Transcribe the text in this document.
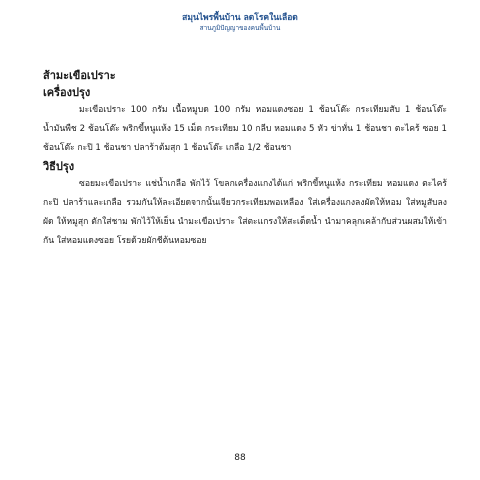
สมุนไพรพื้นบ้าน ลดโรคในเลือด
สานภูมิปัญญาของคนพื้นบ้าน

ส้ามะเขือเปราะ

เครื่องปรุง

มะเขือเปราะ 100 กรัม เนื้อหมูบด 100 กรัม หอมแดงซอย 1 ช้อนโต๊ะ กระเทียมสับ 1 ช้อนโต๊ะ น้ำมันพืช 2 ช้อนโต๊ะ พริกขี้หนูแห้ง 15 เม็ด กระเทียม 10 กลีบ หอมแดง 5 หัว ข่าหั่น 1 ช้อนชา ตะไคร้ ซอย 1 ช้อนโต๊ะ กะปิ 1 ช้อนชา ปลาร้าต้มสุก 1 ช้อนโต๊ะ เกลือ 1/2 ช้อนชา

วิธีปรุง

ซอยมะเขือเปราะ แช่น้ำเกลือ พักไว้ โขลกเครื่องแกงได้แก่ พริกขี้หนูแห้ง กระเทียม หอมแดง ตะไคร้ กะปิ ปลาร้าและเกลือ รวมกันให้ละเอียดจากนั้นเจียวกระเทียมพอเหลือง ใส่เครื่องแกงลงผัดให้หอม ใส่หมูสับลงผัด ให้หมูสุก ตักใส่ชาม พักไว้ให้เย็น นำมะเขือเปราะ ใส่ตะแกรงให้สะเด็ดน้ำ นำมาคลุกเคล้ากับส่วนผสมให้เข้ากัน ใส่หอมแดงซอย โรยด้วยผักชีต้นหอมซอย

88
